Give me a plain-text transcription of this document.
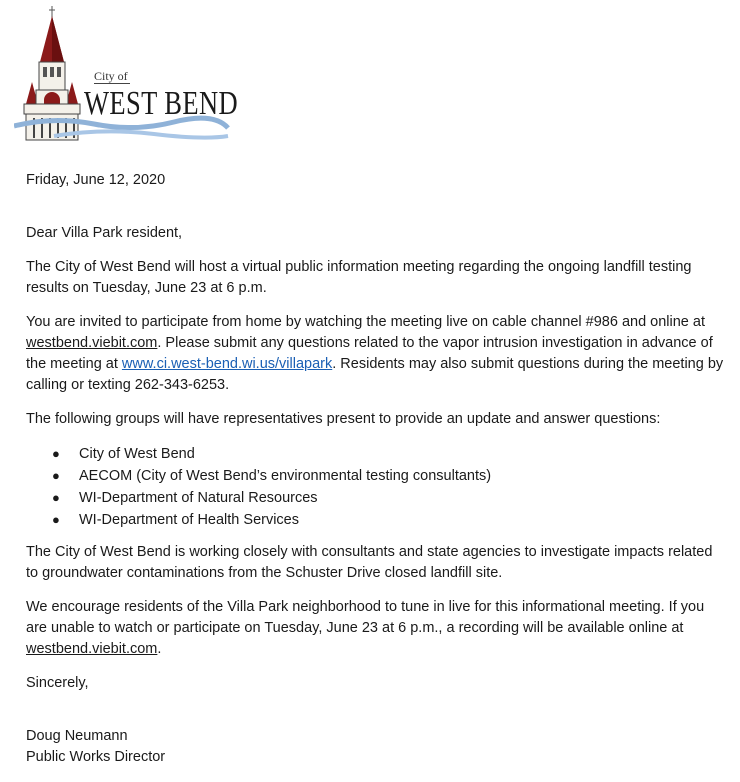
City of
WEST BEND

Friday, June 12, 2020

Dear Villa Park resident,

The City of West Bend will host a virtual public information meeting regarding the ongoing landfill testing results on Tuesday, June 23 at 6 p.m.

You are invited to participate from home by watching the meeting live on cable channel #986 and online at westbend.viebit.com. Please submit any questions related to the vapor intrusion investigation in advance of the meeting at www.ci.west-bend.wi.us/villapark. Residents may also submit questions during the meeting by calling or texting 262-343-6253.

The following groups will have representatives present to provide an update and answer questions:

● City of West Bend
● AECOM (City of West Bend’s environmental testing consultants)
● WI-Department of Natural Resources
● WI-Department of Health Services

The City of West Bend is working closely with consultants and state agencies to investigate impacts related to groundwater contaminations from the Schuster Drive closed landfill site.

We encourage residents of the Villa Park neighborhood to tune in live for this informational meeting. If you are unable to watch or participate on Tuesday, June 23 at 6 p.m., a recording will be available online at westbend.viebit.com.

Sincerely,

Doug Neumann

Public Works Director
